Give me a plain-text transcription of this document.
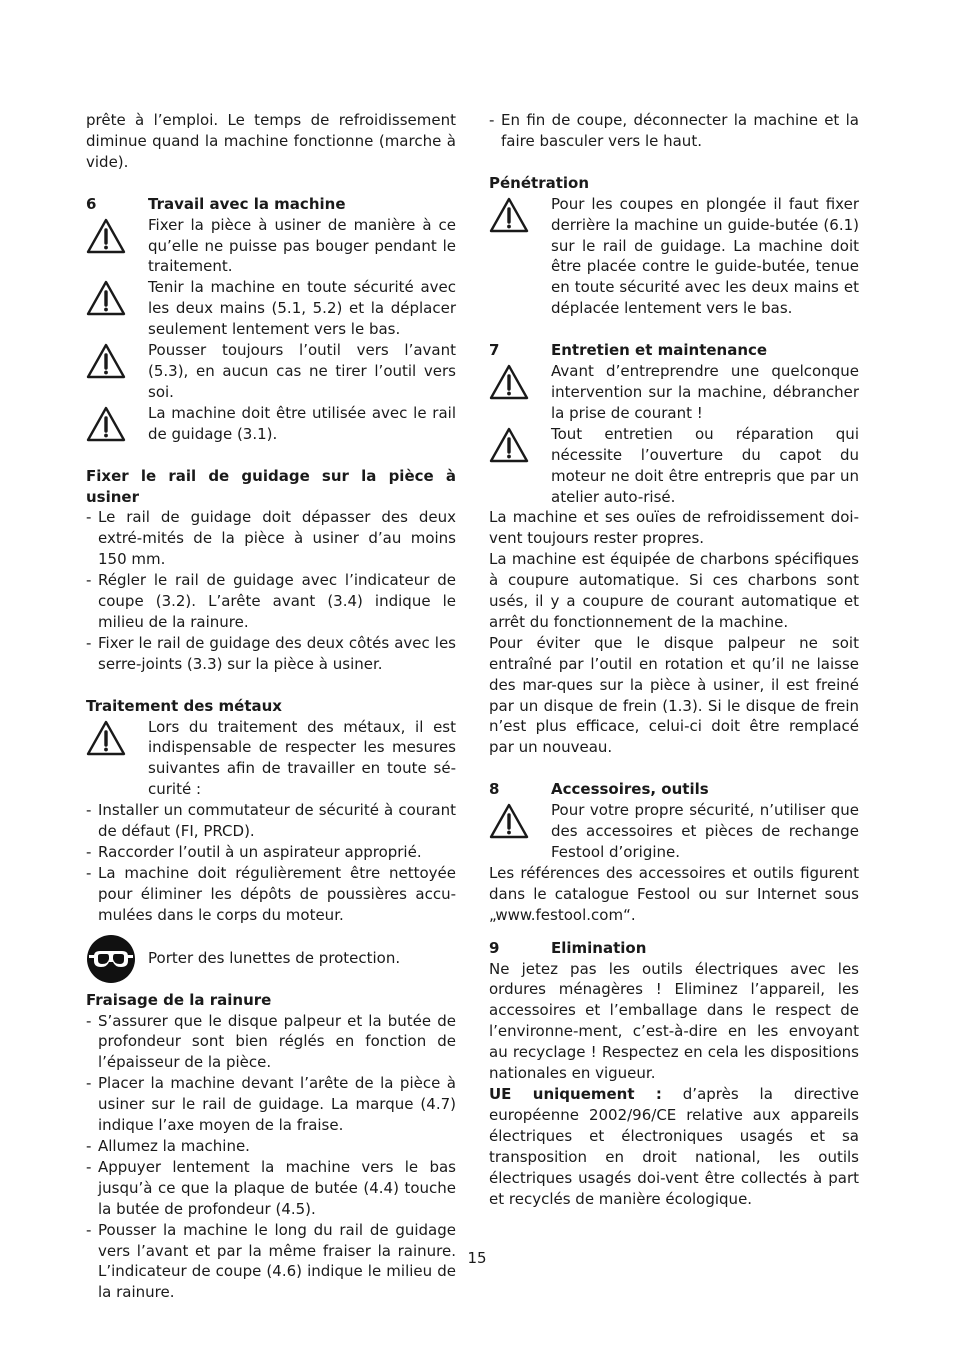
prête à l’emploi. Le temps de refroidissement diminue quand la machine fonctionne (marche à vide).

6	Travail avec la machine

Fixer la pièce à usiner de manière à ce qu’elle ne puisse pas bouger pendant le traitement.
Tenir la machine en toute sécurité avec les deux mains (5.1, 5.2) et la déplacer seulement lentement vers le bas.
Pousser toujours l’outil vers l’avant (5.3), en aucun cas ne tirer l’outil vers soi.
La machine doit être utilisée avec le rail de guidage (3.1).

Fixer le rail de guidage sur la pièce à usiner

- Le rail de guidage doit dépasser des deux extré-mités de la pièce à usiner d’au moins 150 mm.
- Régler le rail de guidage avec l’indicateur de coupe (3.2). L’arête avant (3.4) indique le milieu de la rainure.
- Fixer le rail de guidage des deux côtés avec les serre-joints (3.3) sur la pièce à usiner.

Traitement des métaux

Lors du traitement des métaux, il est indispensable de respecter les mesures suivantes afin de travailler en toute sé-curité :
- Installer un commutateur de sécurité à courant de défaut (FI, PRCD).
- Raccorder l’outil à un aspirateur approprié.
- La machine doit régulièrement être nettoyée pour éliminer les dépôts de poussières accu-mulées dans le corps du moteur.
Porter des lunettes de protection.

Fraisage de la rainure

- S’assurer que le disque palpeur et la butée de profondeur sont bien réglés en fonction de l’épaisseur de la pièce.
- Placer la machine devant l’arête de la pièce à usiner sur le rail de guidage. La marque (4.7) indique l’axe moyen de la fraise.
- Allumez la machine.
- Appuyer lentement la machine vers le bas jusqu’à ce que la plaque de butée (4.4) touche la butée de profondeur (4.5).
- Pousser la machine le long du rail de guidage vers l’avant et par la même fraiser la rainure. L’indicateur de coupe (4.6) indique le milieu de la rainure.
- En fin de coupe, déconnecter la machine et la faire basculer vers le haut.

Pénétration

Pour les coupes en plongée il faut fixer derrière la machine un guide-butée (6.1) sur le rail de guidage. La machine doit être placée contre le guide-butée, tenue en toute sécurité avec les deux mains et déplacée lentement vers le bas.

7	Entretien et maintenance

Avant d’entreprendre une quelconque intervention sur la machine, débrancher la prise de courant !
Tout entretien ou réparation qui nécessite l’ouverture du capot du moteur ne doit être entrepris que par un atelier auto-risé.

La machine et ses ouïes de refroidissement doi-vent toujours rester propres.

La machine est équipée de charbons spécifiques à coupure automatique. Si ces charbons sont usés, il y a coupure de courant automatique et arrêt du fonctionnement de la machine.

Pour éviter que le disque palpeur ne soit entraîné par l’outil en rotation et qu’il ne laisse des mar-ques sur la pièce à usiner, il est freiné par un disque de frein (1.3). Si le disque de frein n’est plus efficace, celui-ci doit être remplacé par un nouveau.

8	Accessoires, outils

Pour votre propre sécurité, n’utiliser que des accessoires et pièces de rechange Festool d’origine.

Les références des accessoires et outils figurent dans le catalogue Festool ou sur Internet sous „www.festool.com“.

9	Elimination

Ne jetez pas les outils électriques avec les ordures ménagères ! Eliminez l’appareil, les accessoires et l’emballage dans le respect de l’environne-ment, c’est-à-dire en les envoyant au recyclage ! Respectez en cela les dispositions nationales en vigueur.

UE uniquement : d’après la directive européenne 2002/96/CE relative aux appareils électriques et électroniques usagés et sa transposition en droit national, les outils électriques usagés doi-vent être collectés à part et recyclés de manière écologique.

15
